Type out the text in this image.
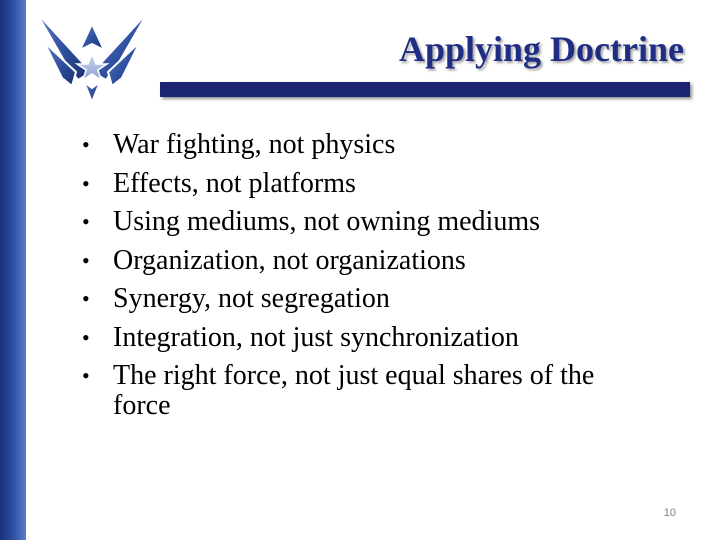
Applying Doctrine
• War fighting, not physics
• Effects, not platforms
• Using mediums, not owning mediums
• Organization, not organizations
• Synergy, not segregation
• Integration, not just synchronization
• The right force, not just equal shares of the force
10
